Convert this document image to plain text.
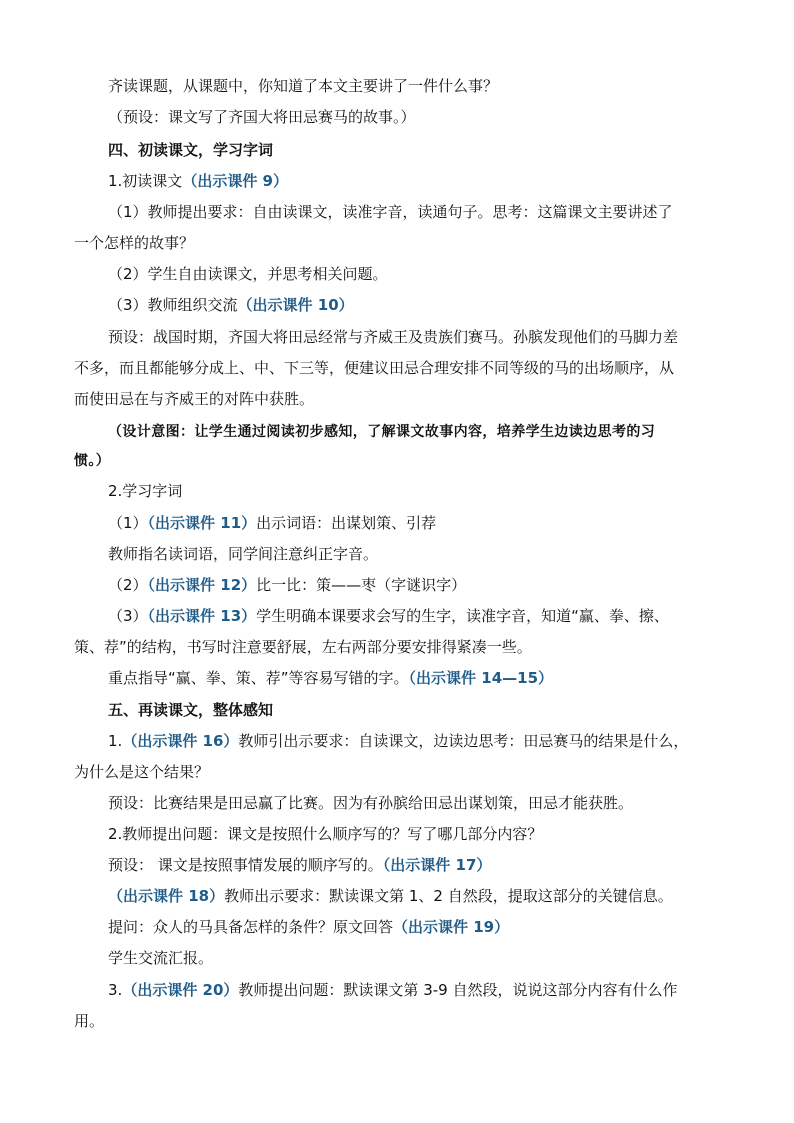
齐读课题，从课题中，你知道了本文主要讲了一件什么事？
（预设：课文写了齐国大将田忌赛马的故事。）
四、初读课文，学习字词
1.初读课文（出示课件 9）
（1）教师提出要求：自由读课文，读准字音，读通句子。思考：这篇课文主要讲述了
一个怎样的故事？
（2）学生自由读课文，并思考相关问题。
（3）教师组织交流（出示课件 10）
预设：战国时期，齐国大将田忌经常与齐威王及贵族们赛马。孙膑发现他们的马脚力差
不多，而且都能够分成上、中、下三等，便建议田忌合理安排不同等级的马的出场顺序，从
而使田忌在与齐威王的对阵中获胜。
（设计意图：让学生通过阅读初步感知，了解课文故事内容，培养学生边读边思考的习
惯。）
2.学习字词
（1）（出示课件 11）出示词语：出谋划策、引荐
教师指名读词语，同学间注意纠正字音。
（2）（出示课件 12）比一比：策——枣（字谜识字）
（3）（出示课件 13）学生明确本课要求会写的生字，读准字音，知道“赢、拳、擦、
策、荐”的结构，书写时注意要舒展，左右两部分要安排得紧凑一些。
重点指导“赢、拳、策、荐”等容易写错的字。（出示课件 14—15）
五、再读课文，整体感知
1.（出示课件 16）教师引出示要求：自读课文，边读边思考：田忌赛马的结果是什么，
为什么是这个结果？
预设：比赛结果是田忌赢了比赛。因为有孙膑给田忌出谋划策，田忌才能获胜。
2.教师提出问题：课文是按照什么顺序写的？写了哪几部分内容？
预设： 课文是按照事情发展的顺序写的。（出示课件 17）
（出示课件 18）教师出示要求：默读课文第 1、2 自然段，提取这部分的关键信息。
提问：众人的马具备怎样的条件？原文回答（出示课件 19）
学生交流汇报。
3.（出示课件 20）教师提出问题：默读课文第 3-9 自然段，说说这部分内容有什么作
用。
